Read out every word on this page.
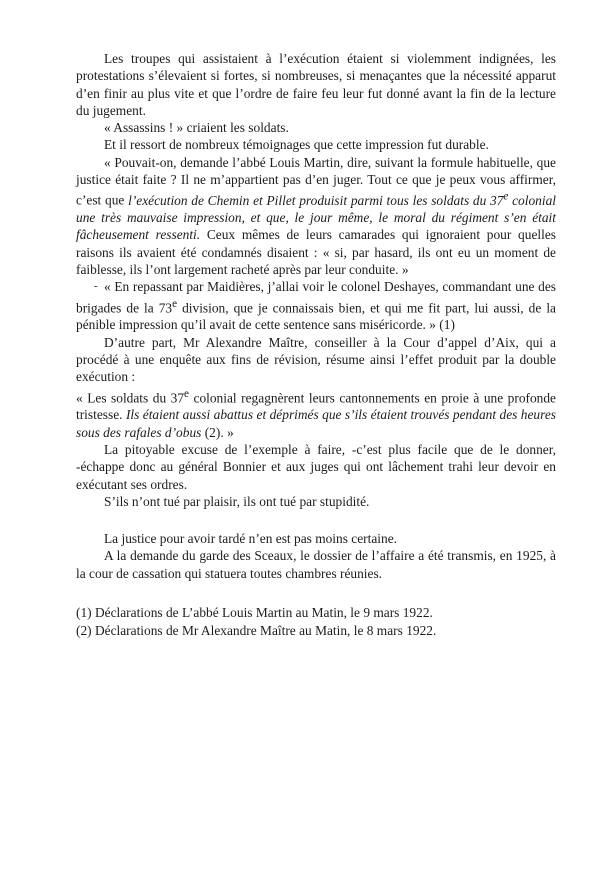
Les troupes qui assistaient à l’exécution étaient si violemment indignées, les protestations s’élevaient si fortes, si nombreuses, si menaçantes que la nécessité apparut d’en finir au plus vite et que l’ordre de faire feu leur fut donné avant la fin de la lecture du jugement.

« Assassins ! » criaient les soldats.

Et il ressort de nombreux témoignages que cette impression fut durable.

« Pouvait-on, demande l’abbé Louis Martin, dire, suivant la formule habituelle, que justice était faite ? Il ne m’appartient pas d’en juger. Tout ce que je peux vous affirmer, c’est que l’exécution de Chemin et Pillet produisit parmi tous les soldats du 37e colonial une très mauvaise impression, et que, le jour même, le moral du régiment s’en était fâcheusement ressenti. Ceux mêmes de leurs camarades qui ignoraient pour quelles raisons ils avaient été condamnés disaient : « si, par hasard, ils ont eu un moment de faiblesse, ils l’ont largement racheté après par leur conduite. »

- « En repassant par Maidières, j’allai voir le colonel Deshayes, commandant une des brigades de la 73e division, que je connaissais bien, et qui me fit part, lui aussi, de la pénible impression qu’il avait de cette sentence sans miséricorde. » (1)

D’autre part, Mr Alexandre Maître, conseiller à la Cour d’appel d’Aix, qui a procédé à une enquête aux fins de révision, résume ainsi l’effet produit par la double exécution :

« Les soldats du 37e colonial regagnèrent leurs cantonnements en proie à une profonde tristesse. Ils étaient aussi abattus et déprimés que s’ils étaient trouvés pendant des heures sous des rafales d’obus (2). »

La pitoyable excuse de l’exemple à faire, -c’est plus facile que de le donner, -échappe donc au général Bonnier et aux juges qui ont lâchement trahi leur devoir en exécutant ses ordres.

S’ils n’ont tué par plaisir, ils ont tué par stupidité.

La justice pour avoir tardé n’en est pas moins certaine.

A la demande du garde des Sceaux, le dossier de l’affaire a été transmis, en 1925, à la cour de cassation qui statuera toutes chambres réunies.

(1) Déclarations de L’abbé Louis Martin au Matin, le 9 mars 1922.

(2) Déclarations de Mr Alexandre Maître au Matin, le 8 mars 1922.
